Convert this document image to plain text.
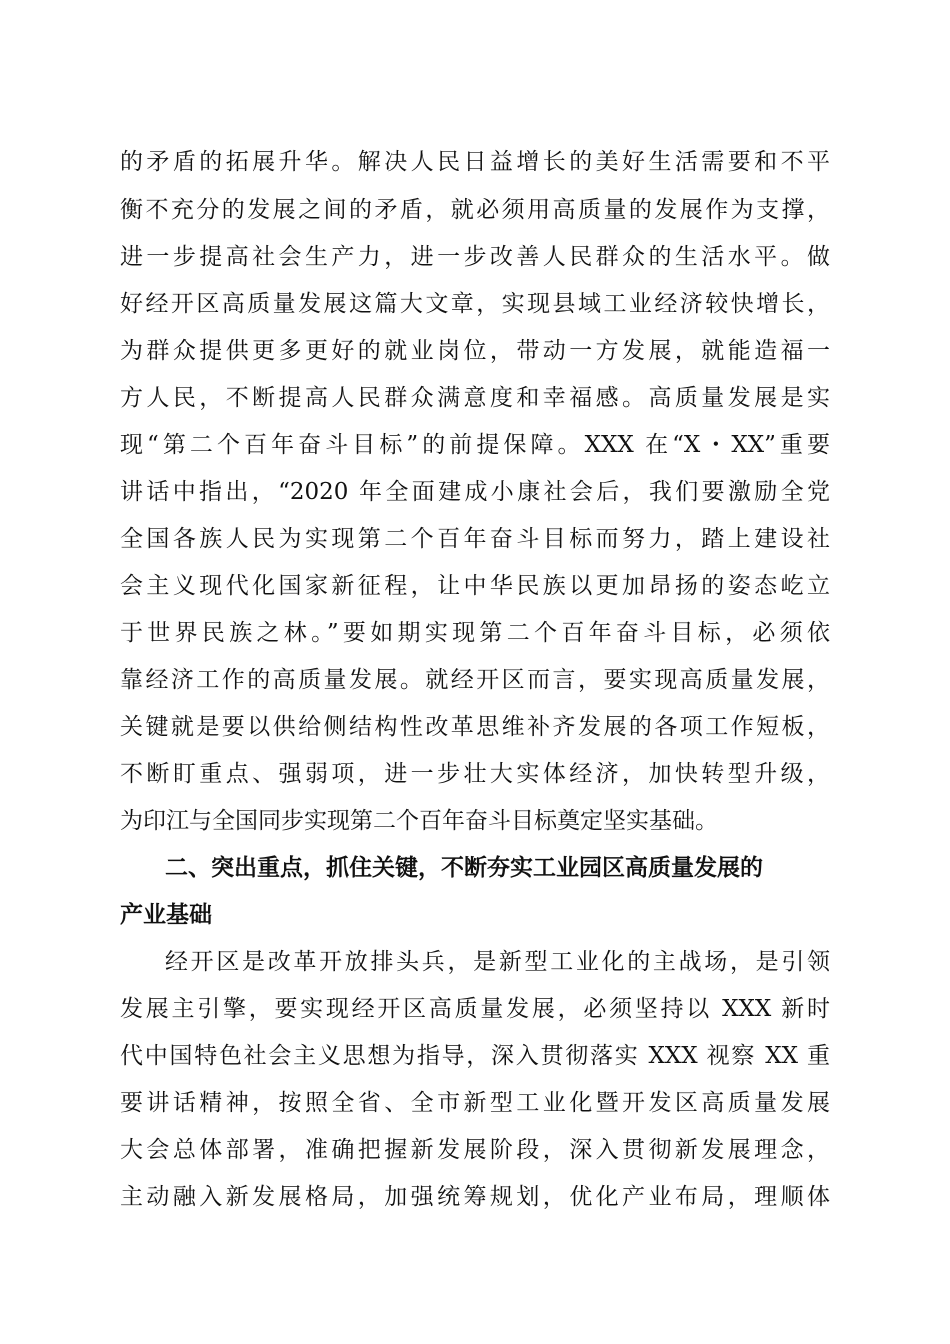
的矛盾的拓展升华。解决人民日益增长的美好生活需要和不平
衡不充分的发展之间的矛盾，就必须用高质量的发展作为支撑，
进一步提高社会生产力，进一步改善人民群众的生活水平。做
好经开区高质量发展这篇大文章，实现县域工业经济较快增长，
为群众提供更多更好的就业岗位，带动一方发展，就能造福一
方人民，不断提高人民群众满意度和幸福感。高质量发展是实
现“第二个百年奋斗目标”的前提保障。XXX 在“X・XX”重要
讲话中指出，“2020 年全面建成小康社会后，我们要激励全党
全国各族人民为实现第二个百年奋斗目标而努力，踏上建设社
会主义现代化国家新征程，让中华民族以更加昂扬的姿态屹立
于世界民族之林。”要如期实现第二个百年奋斗目标，必须依
靠经济工作的高质量发展。就经开区而言，要实现高质量发展，
关键就是要以供给侧结构性改革思维补齐发展的各项工作短板，
不断盯重点、强弱项，进一步壮大实体经济，加快转型升级，
为印江与全国同步实现第二个百年奋斗目标奠定坚实基础。
二、突出重点，抓住关键，不断夯实工业园区高质量发展的
产业基础
经开区是改革开放排头兵，是新型工业化的主战场，是引领
发展主引擎，要实现经开区高质量发展，必须坚持以 XXX 新时
代中国特色社会主义思想为指导，深入贯彻落实 XXX 视察 XX 重
要讲话精神，按照全省、全市新型工业化暨开发区高质量发展
大会总体部署，准确把握新发展阶段，深入贯彻新发展理念，
主动融入新发展格局，加强统筹规划，优化产业布局，理顺体
